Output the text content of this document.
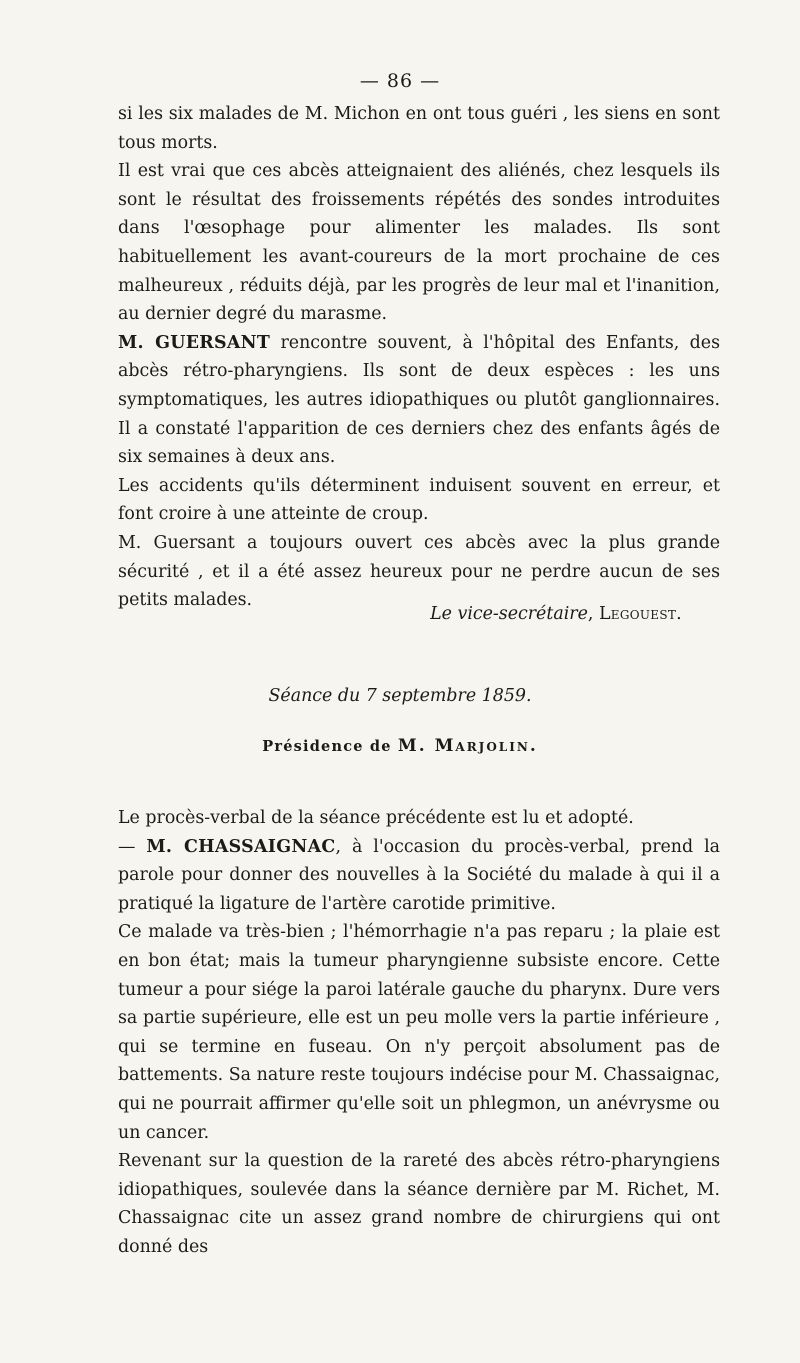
— 86 —

si les six malades de M. Michon en ont tous guéri , les siens en sont tous morts.

Il est vrai que ces abcès atteignaient des aliénés, chez lesquels ils sont le résultat des froissements répétés des sondes introduites dans l'œsophage pour alimenter les malades. Ils sont habituellement les avant-coureurs de la mort prochaine de ces malheureux , réduits déjà, par les progrès de leur mal et l'inanition, au dernier degré du marasme.

M. GUERSANT rencontre souvent, à l'hôpital des Enfants, des abcès rétro-pharyngiens. Ils sont de deux espèces : les uns symptomatiques, les autres idiopathiques ou plutôt ganglionnaires. Il a constaté l'apparition de ces derniers chez des enfants âgés de six semaines à deux ans.

Les accidents qu'ils déterminent induisent souvent en erreur, et font croire à une atteinte de croup.

M. Guersant a toujours ouvert ces abcès avec la plus grande sécurité , et il a été assez heureux pour ne perdre aucun de ses petits malades.

Le vice-secrétaire, Legouest.
Séance du 7 septembre 1859.
Présidence de M. Marjolin.

Le procès-verbal de la séance précédente est lu et adopté.

— M. CHASSAIGNAC, à l'occasion du procès-verbal, prend la parole pour donner des nouvelles à la Société du malade à qui il a pratiqué la ligature de l'artère carotide primitive.

Ce malade va très-bien ; l'hémorrhagie n'a pas reparu ; la plaie est en bon état; mais la tumeur pharyngienne subsiste encore. Cette tumeur a pour siége la paroi latérale gauche du pharynx. Dure vers sa partie supérieure, elle est un peu molle vers la partie inférieure , qui se termine en fuseau. On n'y perçoit absolument pas de battements. Sa nature reste toujours indécise pour M. Chassaignac, qui ne pourrait affirmer qu'elle soit un phlegmon, un anévrysme ou un cancer.

Revenant sur la question de la rareté des abcès rétro-pharyngiens idiopathiques, soulevée dans la séance dernière par M. Richet, M. Chassaignac cite un assez grand nombre de chirurgiens qui ont donné des
